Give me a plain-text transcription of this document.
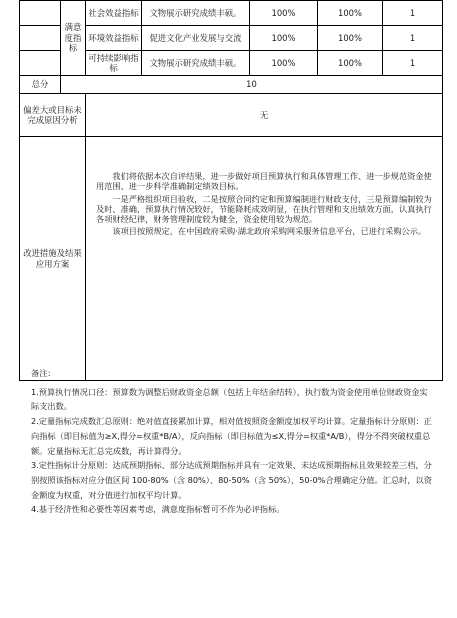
	满意度指标	社会效益指标	文物展示研究成绩丰硕。	100%	100%	1
		环境效益指标	促进文化产业发展与交流	100%	100%	1
		可持续影响指标	文物展示研究成绩丰硕。	100%	100%	1
总分	10					
偏差大或目标未完成原因分析		无				
改进措施及结果应用方案		我们将依据本次自评结果，进一步做好项目预算执行和具体管理工作、进一步规范资金使用范围、进一步科学准确制定绩效目标。

一是严格组织项目验收，二是按照合同约定和预算编制进行财政支付，三是预算编制较为及时、准确，预算执行情况较好，节能降耗成效明显，在执行管理和支出绩效方面，认真执行各项财经纪律，财务管理制度较为健全，资金使用较为规范。

该项目按照规定，在中国政府采购·湖北政府采购网采服务信息平台，已进行采购公示。				

备注：

1.预算执行情况口径：预算数为调整后财政资金总额（包括上年结余结转），执行数为资金使用单位财政资金实际支出数。

2.定量指标完成数汇总原则：绝对值直接累加计算，相对值按照资金额度加权平均计算。定量指标计分原则：正向指标（即目标值为≥X,得分=权重*B/A），反向指标（即目标值为≤X,得分=权重*A/B），得分不得突破权重总额。定量指标无汇总完成数，再计算得分。

3.定性指标计分原则：达成预期指标、部分达成预期指标并具有一定效果、未达成预期指标且效果较差三档，分别按照该指标对应分值区间 100-80%（含 80%）、80-50%（含 50%）、50-0%合理确定分值。汇总时，以资金额度为权重，对分值进行加权平均计算。

4.基于经济性和必要性等因素考虑，满意度指标暂可不作为必评指标。
